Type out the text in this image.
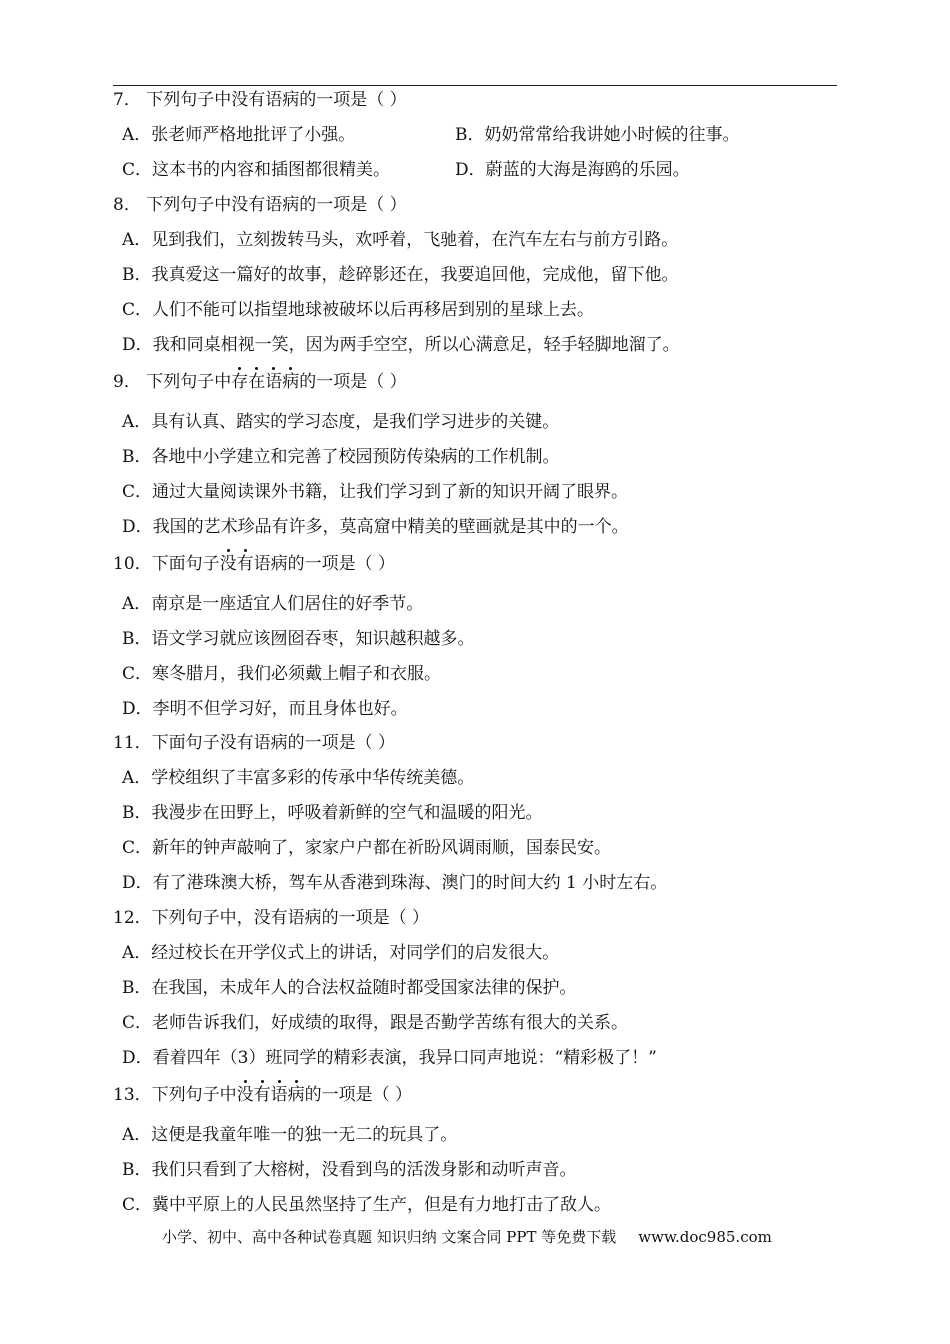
7． 下列句子中没有语病的一项是（ ）
A．张老师严格地批评了小强。	B．奶奶常常给我讲她小时候的往事。
C．这本书的内容和插图都很精美。	D．蔚蓝的大海是海鸥的乐园。
8． 下列句子中没有语病的一项是（ ）
A．见到我们，立刻拨转马头，欢呼着，飞驰着，在汽车左右与前方引路。
B．我真爱这一篇好的故事，趁碎影还在，我要追回他，完成他，留下他。
C．人们不能可以指望地球被破坏以后再移居到别的星球上去。
D．我和同桌相视一笑，因为两手空空，所以心满意足，轻手轻脚地溜了。
9． 下列句子中存在语病的一项是（ ）
A．具有认真、踏实的学习态度，是我们学习进步的关键。
B．各地中小学建立和完善了校园预防传染病的工作机制。
C．通过大量阅读课外书籍，让我们学习到了新的知识开阔了眼界。
D．我国的艺术珍品有许多，莫高窟中精美的壁画就是其中的一个。
10．下面句子没有语病的一项是（ ）
A．南京是一座适宜人们居住的好季节。
B．语文学习就应该囫囵吞枣，知识越积越多。
C．寒冬腊月，我们必须戴上帽子和衣服。
D．李明不但学习好，而且身体也好。
11．下面句子没有语病的一项是（ ）
A．学校组织了丰富多彩的传承中华传统美德。
B．我漫步在田野上，呼吸着新鲜的空气和温暖的阳光。
C．新年的钟声敲响了，家家户户都在祈盼风调雨顺，国泰民安。
D．有了港珠澳大桥，驾车从香港到珠海、澳门的时间大约 1 小时左右。
12．下列句子中，没有语病的一项是（ ）
A．经过校长在开学仪式上的讲话，对同学们的启发很大。
B．在我国，未成年人的合法权益随时都受国家法律的保护。
C．老师告诉我们，好成绩的取得，跟是否勤学苦练有很大的关系。
D．看着四年（3）班同学的精彩表演，我异口同声地说：“精彩极了！”
13．下列句子中没有语病的一项是（ ）
A．这便是我童年唯一的独一无二的玩具了。
B．我们只看到了大榕树，没看到鸟的活泼身影和动听声音。
C．冀中平原上的人民虽然坚持了生产，但是有力地打击了敌人。
小学、初中、高中各种试卷真题 知识归纳 文案合同 PPT 等免费下载 www.doc985.com
